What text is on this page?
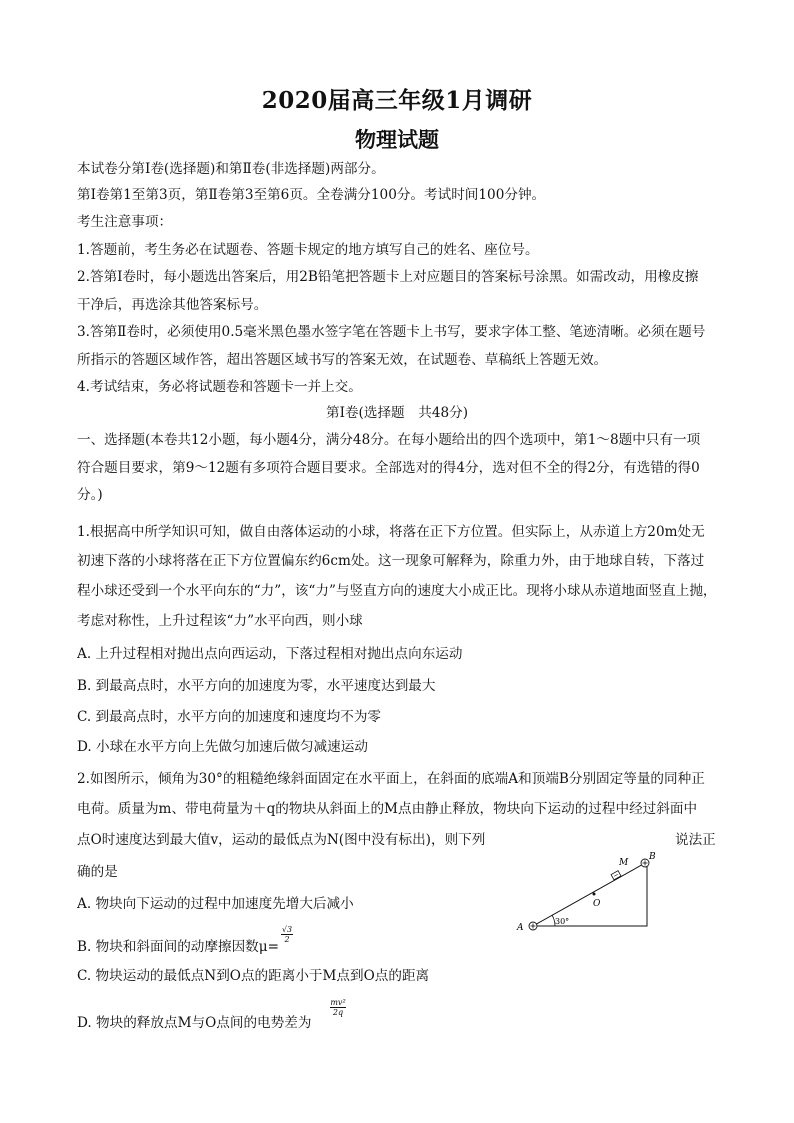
2020届高三年级1月调研
物理试题
本试卷分第Ⅰ卷(选择题)和第Ⅱ卷(非选择题)两部分。
第Ⅰ卷第1至第3页，第Ⅱ卷第3至第6页。全卷满分100分。考试时间100分钟。
考生注意事项：
1.答题前，考生务必在试题卷、答题卡规定的地方填写自己的姓名、座位号。
2.答第Ⅰ卷时，每小题选出答案后，用2B铅笔把答题卡上对应题目的答案标号涂黑。如需改动，用橡皮擦
干净后，再选涂其他答案标号。
3.答第Ⅱ卷时，必须使用0.5毫米黑色墨水签字笔在答题卡上书写，要求字体工整、笔迹清晰。必须在题号
所指示的答题区域作答，超出答题区域书写的答案无效，在试题卷、草稿纸上答题无效。
4.考试结束，务必将试题卷和答题卡一并上交。
第Ⅰ卷(选择题　共48分)
一、选择题(本卷共12小题，每小题4分，满分48分。在每小题给出的四个选项中，第1～8题中只有一项
符合题目要求，第9～12题有多项符合题目要求。全部选对的得4分，选对但不全的得2分，有选错的得0
分。)
1.根据高中所学知识可知，做自由落体运动的小球，将落在正下方位置。但实际上，从赤道上方20m处无
初速下落的小球将落在正下方位置偏东约6cm处。这一现象可解释为，除重力外，由于地球自转，下落过
程小球还受到一个水平向东的“力”，该“力”与竖直方向的速度大小成正比。现将小球从赤道地面竖直上抛，
考虑对称性，上升过程该“力”水平向西，则小球
A. 上升过程相对抛出点向西运动，下落过程相对抛出点向东运动
B. 到最高点时，水平方向的加速度为零，水平速度达到最大
C. 到最高点时，水平方向的加速度和速度均不为零
D. 小球在水平方向上先做匀加速后做匀减速运动
2.如图所示，倾角为30°的粗糙绝缘斜面固定在水平面上，在斜面的底端A和顶端B分别固定等量的同种正
电荷。质量为m、带电荷量为＋q的物块从斜面上的M点由静止释放，物块向下运动的过程中经过斜面中
点O时速度达到最大值v，运动的最低点为N(图中没有标出)，则下列	说法正
确的是
A. 物块向下运动的过程中加速度先增大后减小
B. 物块和斜面间的动摩擦因数μ=
√3
2
C. 物块运动的最低点N到O点的距离小于M点到O点的距离
D. 物块的释放点M与O点间的电势差为
mv²
2q
A
B
M
O
30°
